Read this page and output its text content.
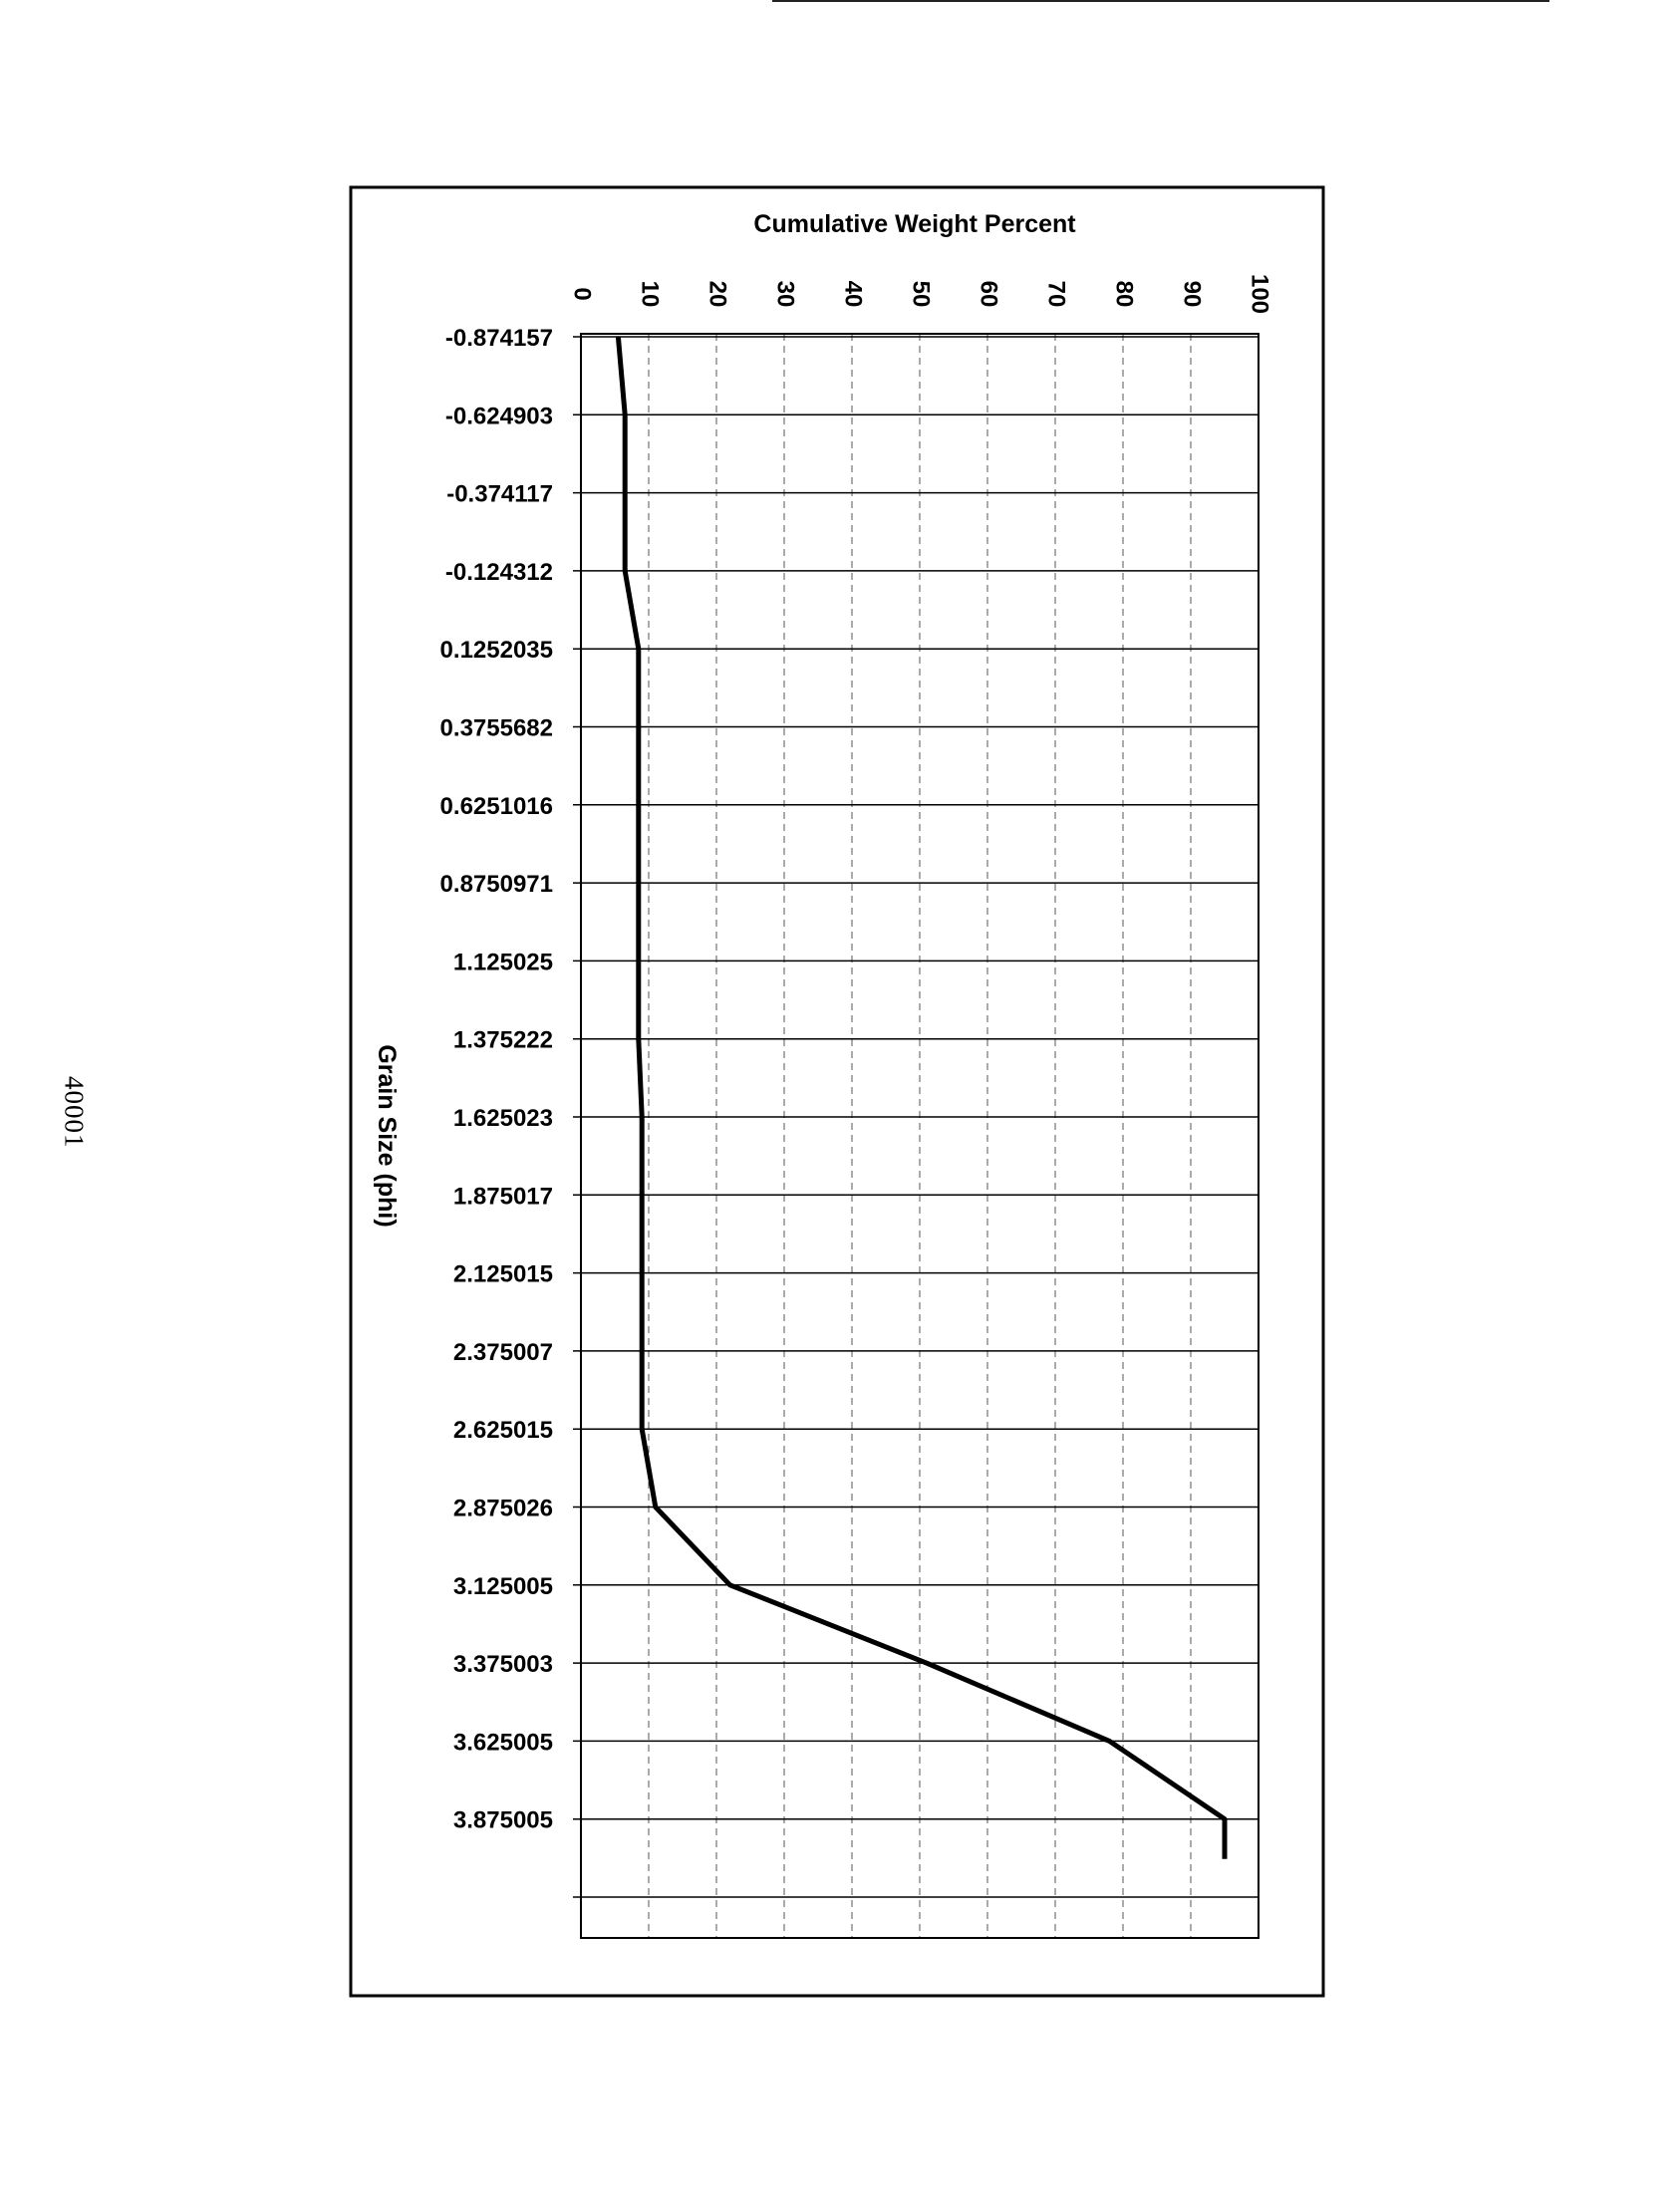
40001
Cumulative Weight Percent
Grain Size (phi)
0 10 20 30 40 50 60 70 80 90 100
-0.874157
-0.624903
-0.374117
-0.124312
0.1252035
0.3755682
0.6251016
0.8750971
1.125025
1.375222
1.625023
1.875017
2.125015
2.375007
2.625015
2.875026
3.125005
3.375003
3.625005
3.875005
